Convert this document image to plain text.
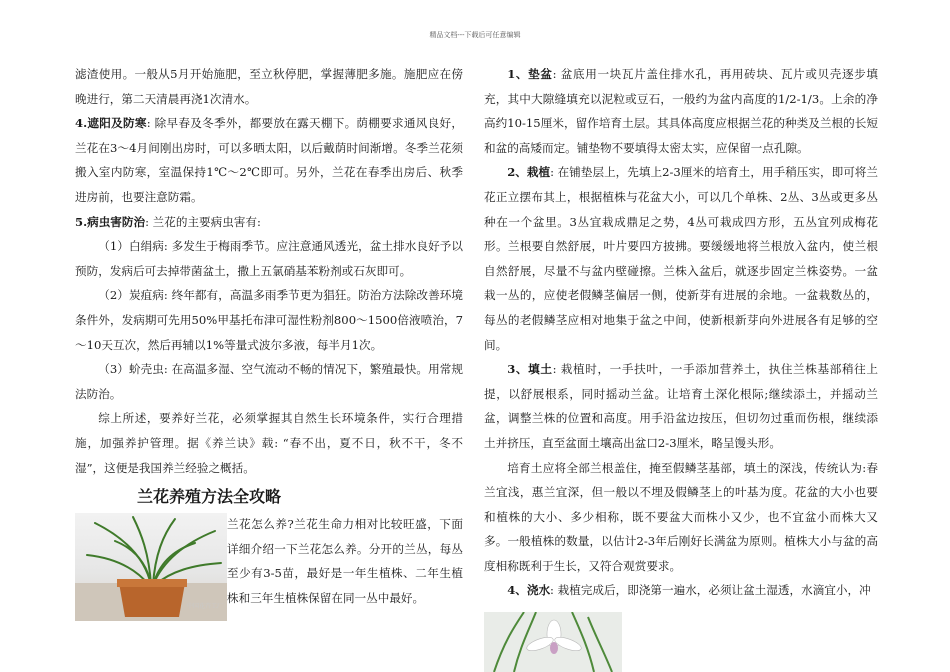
精品文档---下载后可任意编辑

滤渣使用。一般从5月开始施肥，至立秋停肥，掌握薄肥多施。施肥应在傍晚进行，第二天清晨再浇1次清水。

4.遮阳及防寒: 除早春及冬季外，都要放在露天棚下。荫棚要求通风良好，兰花在3～4月间刚出房时，可以多晒太阳，以后戴荫时间渐增。冬季兰花须搬入室内防寒，室温保持1℃～2℃即可。另外，兰花在春季出房后、秋季进房前，也要注意防霜。

5.病虫害防治: 兰花的主要病虫害有:

（1）白绢病: 多发生于梅雨季节。应注意通风透光，盆土排水良好予以预防，发病后可去掉带菌盆土，撒上五氯硝基苯粉剂或石灰即可。

（2）炭疽病: 终年都有，高温多雨季节更为猖狂。防治方法除改善环境条件外，发病期可先用50%甲基托布津可湿性粉剂800～1500倍液喷治，7～10天互次，然后再辅以1%等量式波尔多液，每半月1次。

（3）蚧壳虫: 在高温多湿、空气流动不畅的情况下，繁殖最快。用常规法防治。

综上所述，要养好兰花，必须掌握其自然生长环境条件，实行合理措施，加强养护管理。据《养兰诀》载: “春不出，夏不日，秋不干，冬不湿”，这便是我国养兰经验之概括。

兰花养殖方法全攻略
中国花卉工厂

兰花怎么养?兰花生命力相对比较旺盛，下面详细介绍一下兰花怎么养。分开的兰丛，每丛至少有3-5苗，最好是一年生植株、二年生植株和三年生植株保留在同一丛中最好。

1、垫盆: 盆底用一块瓦片盖住排水孔，再用砖块、瓦片或贝壳逐步填充，其中大隙缝填充以泥粒或豆石，一般约为盆内高度的1/2-1/3。上余的净高约10-15厘米，留作培育土层。其具体高度应根据兰花的种类及兰根的长短和盆的高矮而定。铺垫物不要填得太密太实，应保留一点孔隙。

2、栽植: 在铺垫层上，先填上2-3厘米的培育土，用手稍压实，即可将兰花正立摆布其上，根据植株与花盆大小，可以几个单株、2丛、3丛或更多丛种在一个盆里。3丛宜栽成鼎足之势，4丛可栽成四方形，五丛宜列成梅花形。兰根要自然舒展，叶片要四方披拂。要缓缓地将兰根放入盆内，使兰根自然舒展，尽量不与盆内壁碰擦。兰株入盆后，就逐步固定兰株姿势。一盆栽一丛的，应使老假鳞茎偏居一侧，使新芽有进展的余地。一盆栽数丛的，每丛的老假鳞茎应相对地集于盆之中间，使新根新芽向外进展各有足够的空间。

3、填土: 栽植时，一手扶叶，一手添加营养土，执住兰株基部稍往上提，以舒展根系，同时摇动兰盆。让培育土深化根际;继续添土，并摇动兰盆，调整兰株的位置和高度。用手沿盆边按压，但切勿过重而伤根，继续添土并挤压，直至盆面土壤高出盆口2-3厘米，略呈馒头形。

培育土应将全部兰根盖住，掩至假鳞茎基部，填土的深浅，传统认为:春兰宜浅，惠兰宜深，但一般以不埋及假鳞茎上的叶基为度。花盆的大小也要和植株的大小、多少相称，既不要盆大而株小又少，也不宜盆小而株大又多。一般植株的数量，以估计2-3年后刚好长满盆为原则。植株大小与盆的高度相称既利于生长，又符合观赏要求。

4、浇水: 栽植完成后，即浇第一遍水，必须让盆土湿透，水滴宜小，冲
